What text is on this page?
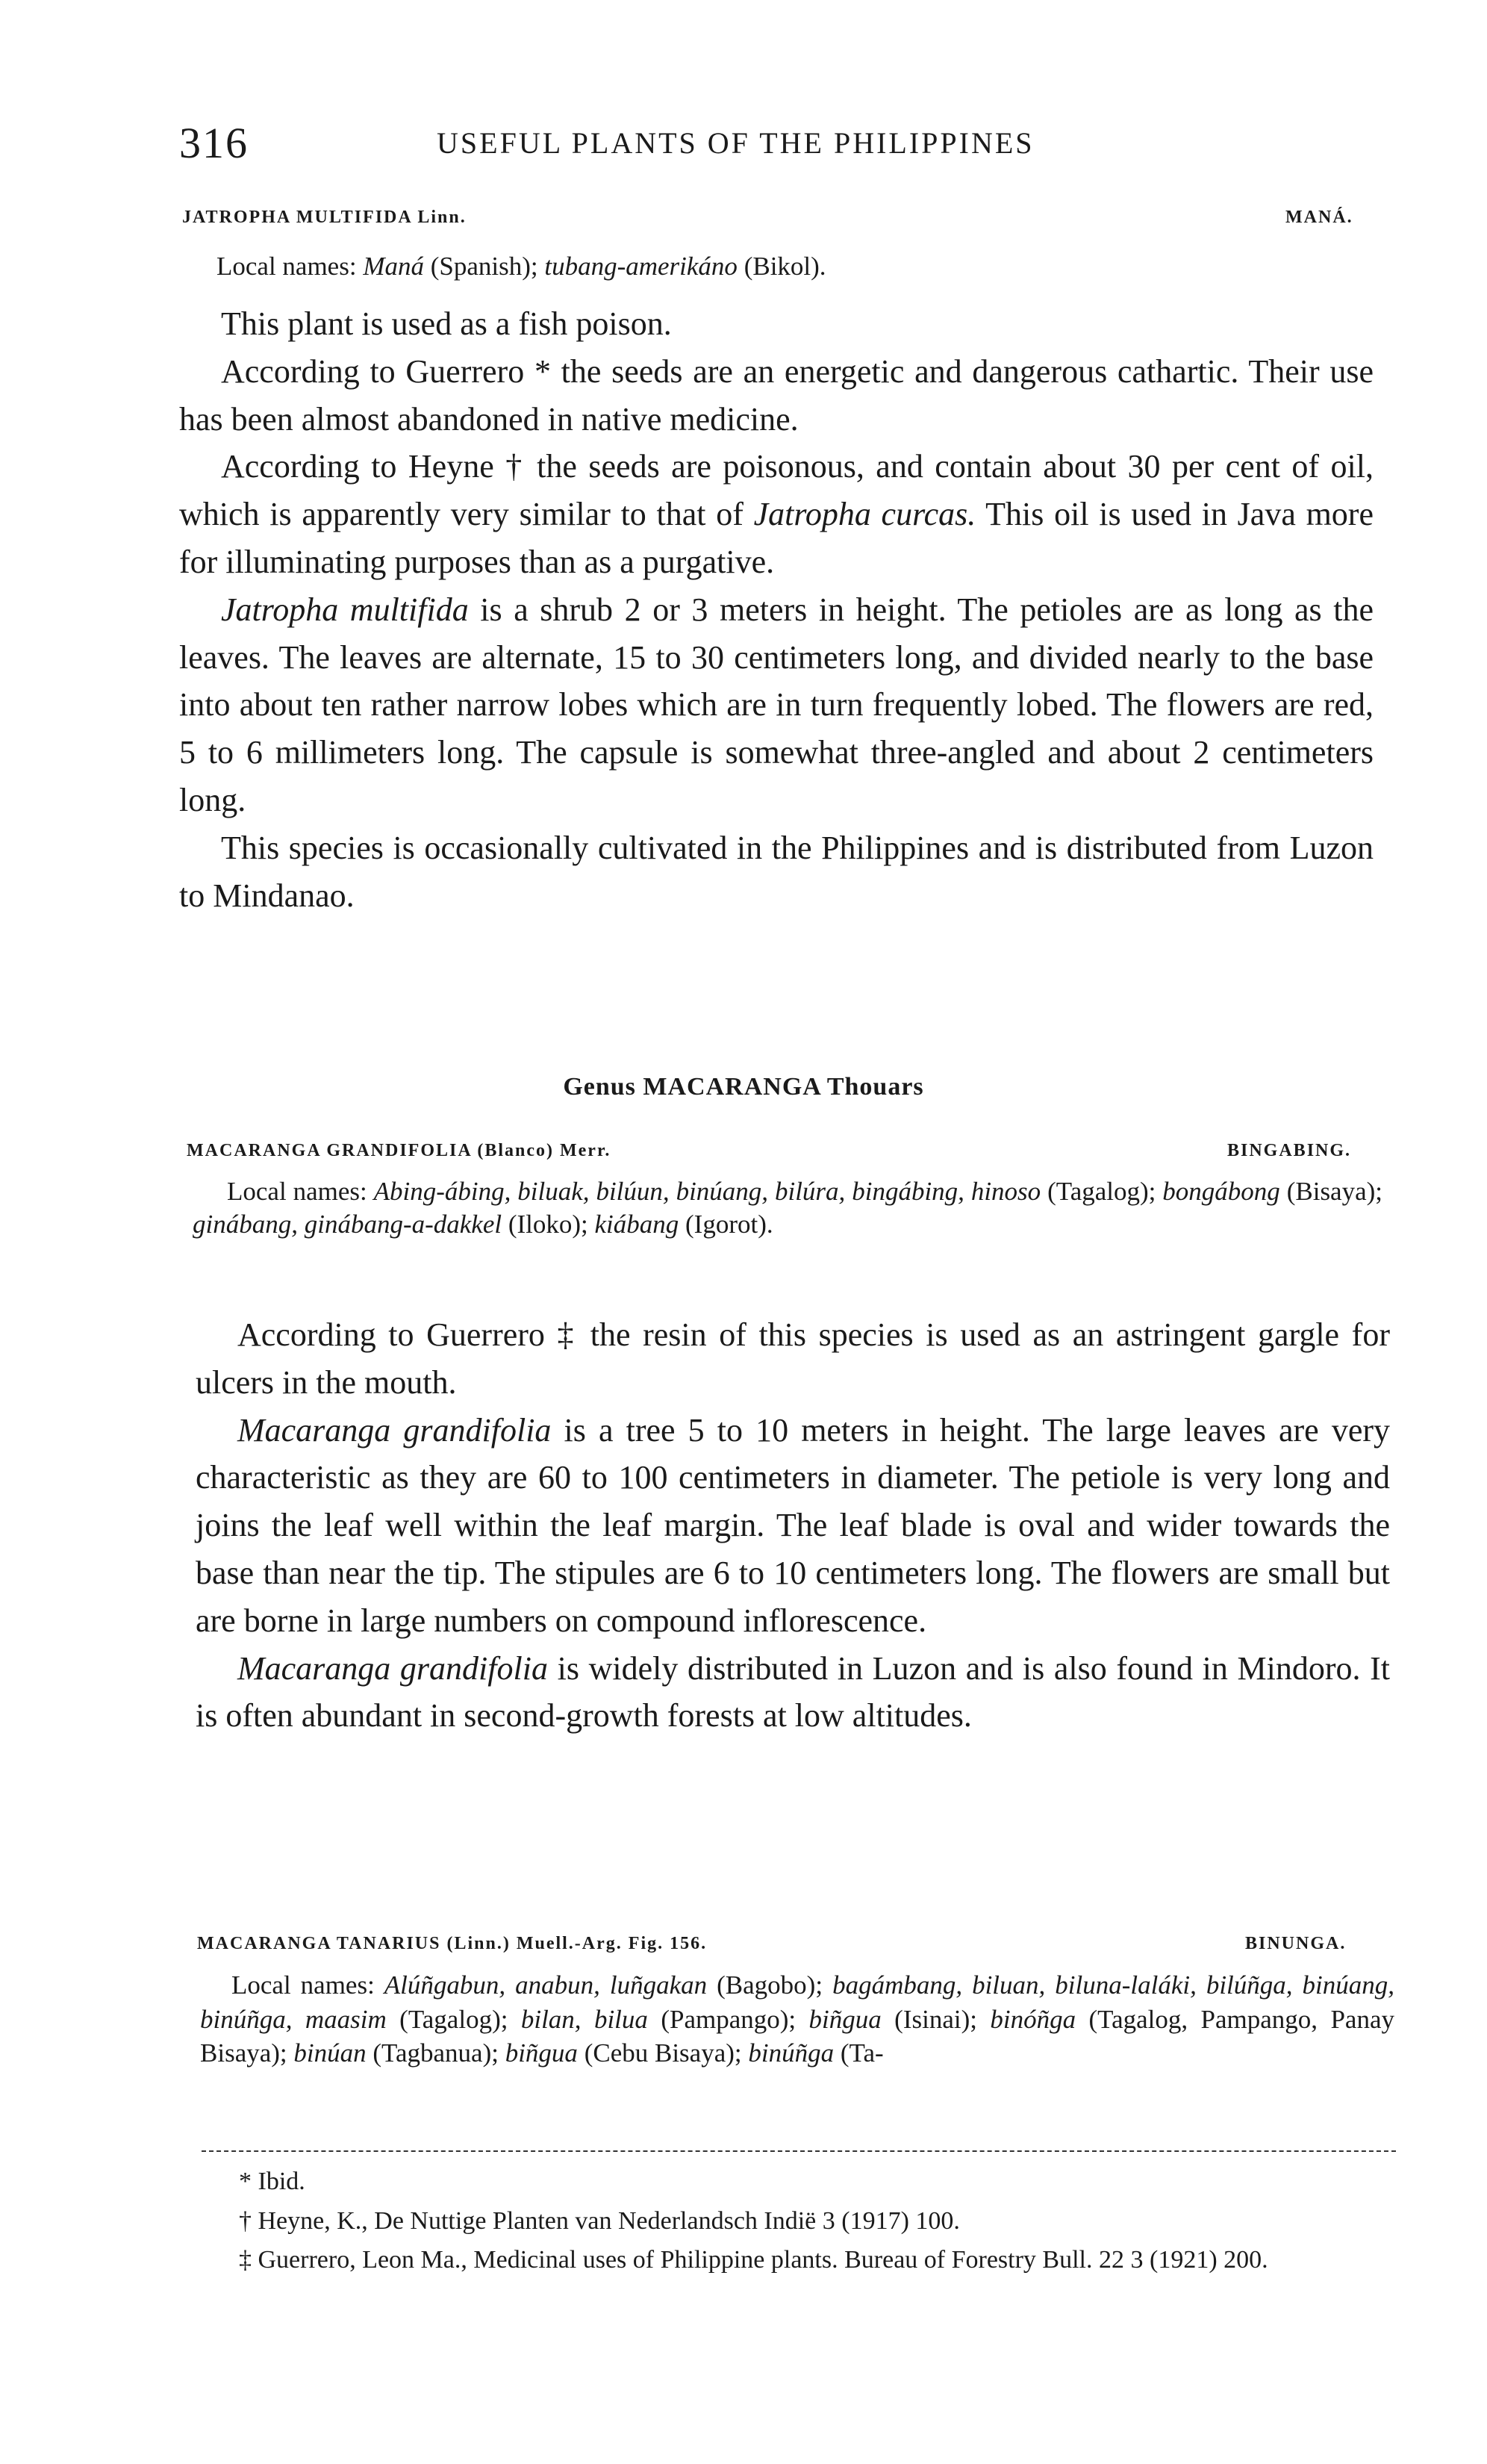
316	USEFUL PLANTS OF THE PHILIPPINES
JATROPHA MULTIFIDA Linn.	MANÁ.
Local names: Maná (Spanish); tubang-amerikáno (Bikol).

This plant is used as a fish poison.

According to Guerrero * the seeds are an energetic and dangerous cathartic. Their use has been almost abandoned in native medicine.

According to Heyne † the seeds are poisonous, and contain about 30 per cent of oil, which is apparently very similar to that of Jatropha curcas. This oil is used in Java more for illuminating purposes than as a purgative.

Jatropha multifida is a shrub 2 or 3 meters in height. The petioles are as long as the leaves. The leaves are alternate, 15 to 30 centimeters long, and divided nearly to the base into about ten rather narrow lobes which are in turn frequently lobed. The flowers are red, 5 to 6 millimeters long. The capsule is somewhat three-angled and about 2 centimeters long.

This species is occasionally cultivated in the Philippines and is distributed from Luzon to Mindanao.

Genus MACARANGA Thouars
MACARANGA GRANDIFOLIA (Blanco) Merr.	BINGABING.
Local names: Abing-ábing, biluak, bilúun, binúang, bilúra, bingábing, hinoso (Tagalog); bongábong (Bisaya); ginábang, ginábang-a-dakkel (Iloko); kiábang (Igorot).

According to Guerrero ‡ the resin of this species is used as an astringent gargle for ulcers in the mouth.

Macaranga grandifolia is a tree 5 to 10 meters in height. The large leaves are very characteristic as they are 60 to 100 centimeters in diameter. The petiole is very long and joins the leaf well within the leaf margin. The leaf blade is oval and wider towards the base than near the tip. The stipules are 6 to 10 centimeters long. The flowers are small but are borne in large numbers on compound inflorescence.

Macaranga grandifolia is widely distributed in Luzon and is also found in Mindoro. It is often abundant in second-growth forests at low altitudes.

MACARANGA TANARIUS (Linn.) Muell.-Arg. Fig. 156.	BINUNGA.
Local names: Alúñgabun, anabun, luñgakan (Bagobo); bagámbang, biluan, biluna-laláki, bilúñga, binúang, binúñga, maasim (Tagalog); bilan, bilua (Pampango); biñgua (Isinai); binóñga (Tagalog, Pampango, Panay Bisaya); binúan (Tagbanua); biñgua (Cebu Bisaya); binúñga (Ta-

* Ibid.

† Heyne, K., De Nuttige Planten van Nederlandsch Indië 3 (1917) 100.

‡ Guerrero, Leon Ma., Medicinal uses of Philippine plants. Bureau of Forestry Bull. 22 3 (1921) 200.
